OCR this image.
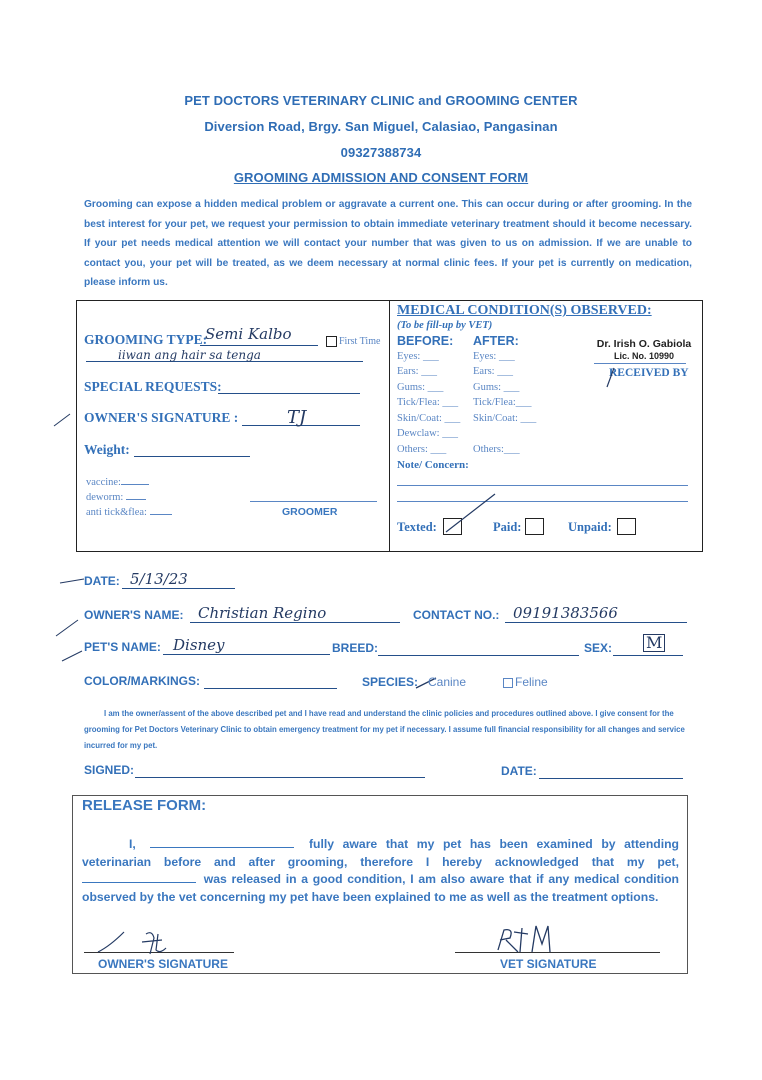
PET DOCTORS VETERINARY CLINIC and GROOMING CENTER
Diversion Road, Brgy. San Miguel, Calasiao, Pangasinan
09327388734
GROOMING ADMISSION AND CONSENT FORM
Grooming can expose a hidden medical problem or aggravate a current one. This can occur during or after grooming. In the best interest for your pet, we request your permission to obtain immediate veterinary treatment should it become necessary. If your pet needs medical attention we will contact your number that was given to us on admission. If we are unable to contact you, your pet will be treated, as we deem necessary at normal clinic fees. If your pet is currently on medication, please inform us.
GROOMING TYPE:
Semi Kalbo	First Time
iiwan ang hair sa tenga
SPECIAL REQUESTS:
OWNER'S SIGNATURE :	TJ
Weight:
vaccine:
deworm:
anti tick&flea:	GROOMER
MEDICAL CONDITION(S) OBSERVED:
(To be fill-up by VET)
BEFORE: AFTER:
Eyes: ___	Eyes: ___
Ears: ___	Ears: ___
Gums: ___	Gums: ___
Tick/Flea: ___ Tick/Flea:___
Skin/Coat: ___ Skin/Coat: ___
Dewclaw: ___
Others: ___	Others:___
Note/ Concern:
Dr. Irish O. Gabiola
Lic. No. 10990
RECEIVED BY
Texted:	Paid:	Unpaid:
DATE: 5/13/23
OWNER'S NAME: Christian Regino	CONTACT NO.: 09191383566
PET'S NAME: Disney	BREED:	SEX: M
COLOR/MARKINGS:	SPECIES: Canine	Feline
I am the owner/assent of the above described pet and I have read and understand the clinic policies and procedures outlined above. I give consent for the grooming for Pet Doctors Veterinary Clinic to obtain emergency treatment for my pet if necessary. I assume full financial responsibility for all changes and service incurred for my pet.
SIGNED:	DATE:
RELEASE FORM:
I,	fully aware that my pet has been examined by attending veterinarian before and after grooming, therefore I hereby acknowledged that my pet,  was released in a good condition, I am also aware that if any medical condition observed by the vet concerning my pet have been explained to me as well as the treatment options.
OWNER'S SIGNATURE	VET SIGNATURE
